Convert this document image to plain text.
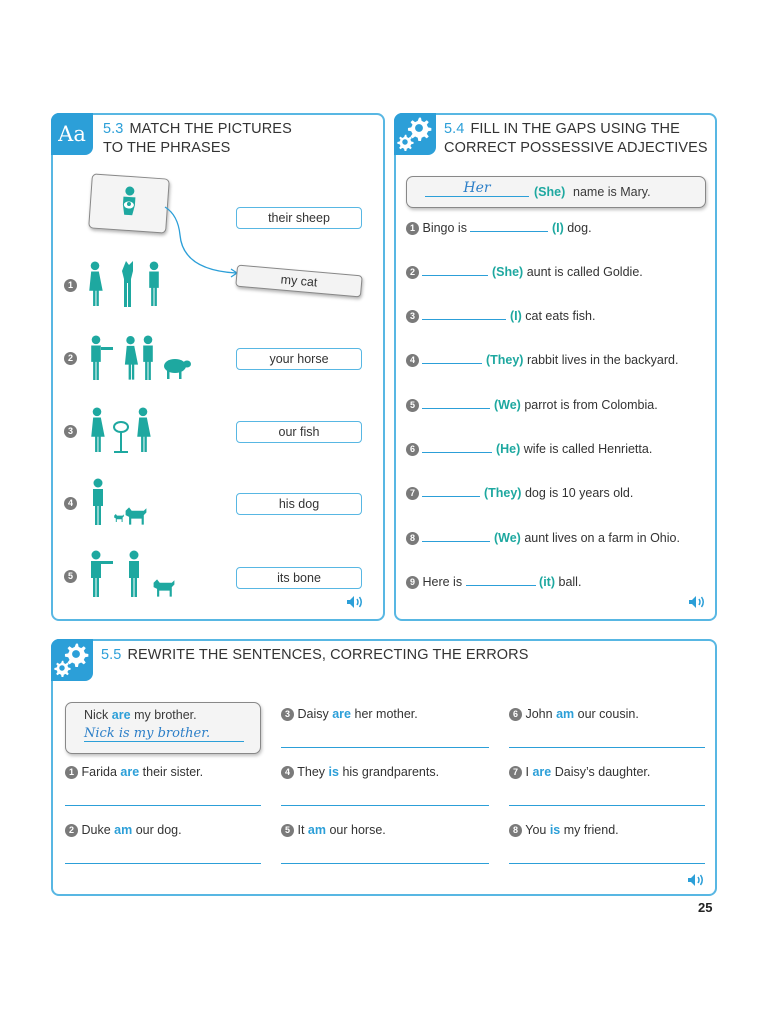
Aa	5.3 MATCH THE PICTURES
TO THE PHRASES
their sheep
my cat
your horse
our fish
his dog
its bone
1
2
3
4
5
5.4 FILL IN THE GAPS USING THE
CORRECT POSSESSIVE ADJECTIVES
Her	(She) name is Mary.
1 Bingo is	(I) dog.
2	(She) aunt is called Goldie.
3	(I) cat eats fish.
4	(They) rabbit lives in the backyard.
5	(We) parrot is from Colombia.
6	(He) wife is called Henrietta.
7	(They) dog is 10 years old.
8	(We) aunt lives on a farm in Ohio.
9 Here is	(it) ball.
5.5 REWRITE THE SENTENCES, CORRECTING THE ERRORS
Nick are my brother.
Nick is my brother.
1 Farida are their sister.
2 Duke am our dog.
3 Daisy are her mother.
4 They is his grandparents.
5 It am our horse.
6 John am our cousin.
7 I are Daisy’s daughter.
8 You is my friend.
25
